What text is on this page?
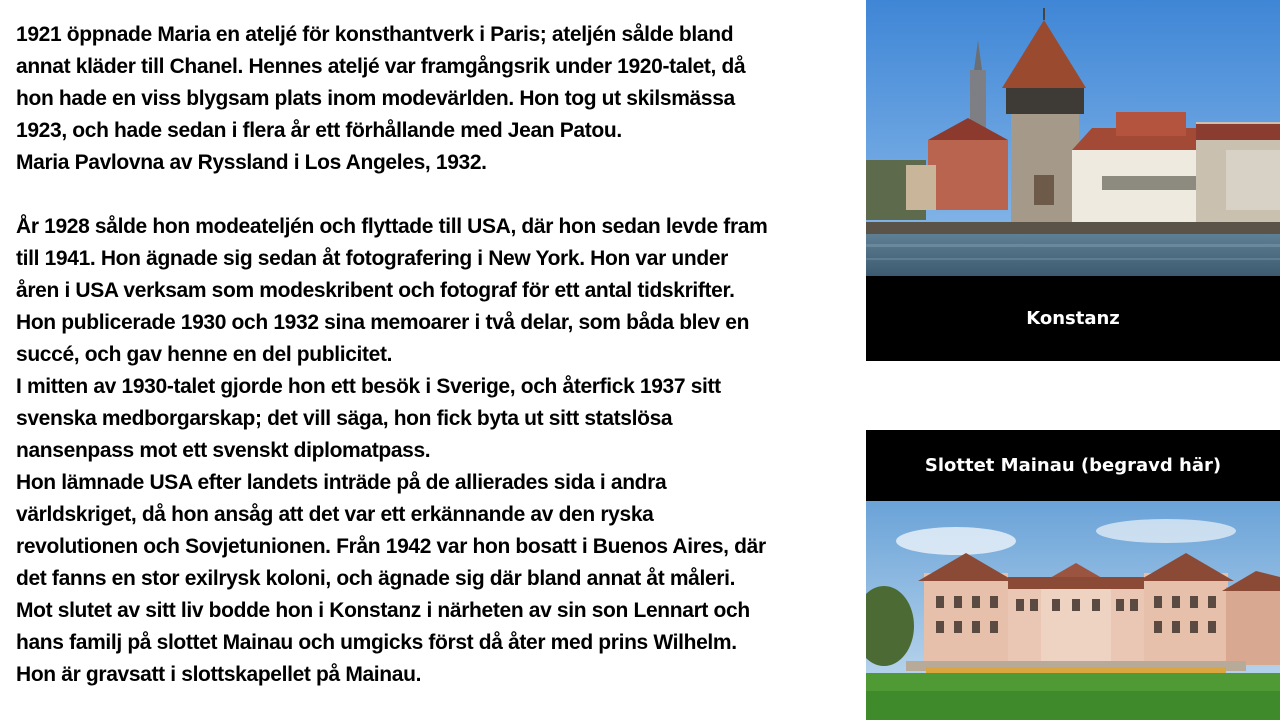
1921 öppnade Maria en ateljé för konsthantverk i Paris; ateljén sålde bland
annat kläder till Chanel. Hennes ateljé var framgångsrik under 1920-talet, då
hon hade en viss blygsam plats inom modevärlden. Hon tog ut skilsmässa
1923, och hade sedan i flera år ett förhållande med Jean Patou.
Maria Pavlovna av Ryssland i Los Angeles, 1932.
År 1928 sålde hon modeateljén och flyttade till USA, där hon sedan levde fram
till 1941. Hon ägnade sig sedan åt fotografering i New York. Hon var under
åren i USA verksam som modeskribent och fotograf för ett antal tidskrifter.
Hon publicerade 1930 och 1932 sina memoarer i två delar, som båda blev en
succé, och gav henne en del publicitet.
I mitten av 1930-talet gjorde hon ett besök i Sverige, och återfick 1937 sitt
svenska medborgarskap; det vill säga, hon fick byta ut sitt statslösa
nansenpass mot ett svenskt diplomatpass.
Hon lämnade USA efter landets inträde på de allierades sida i andra
världskriget, då hon ansåg att det var ett erkännande av den ryska
revolutionen och Sovjetunionen. Från 1942 var hon bosatt i Buenos Aires, där
det fanns en stor exilrysk koloni, och ägnade sig där bland annat åt måleri.
Mot slutet av sitt liv bodde hon i Konstanz i närheten av sin son Lennart och
hans familj på slottet Mainau och umgicks först då åter med prins Wilhelm.
Hon är gravsatt i slottskapellet på Mainau.
Konstanz
Slottet Mainau (begravd här)
